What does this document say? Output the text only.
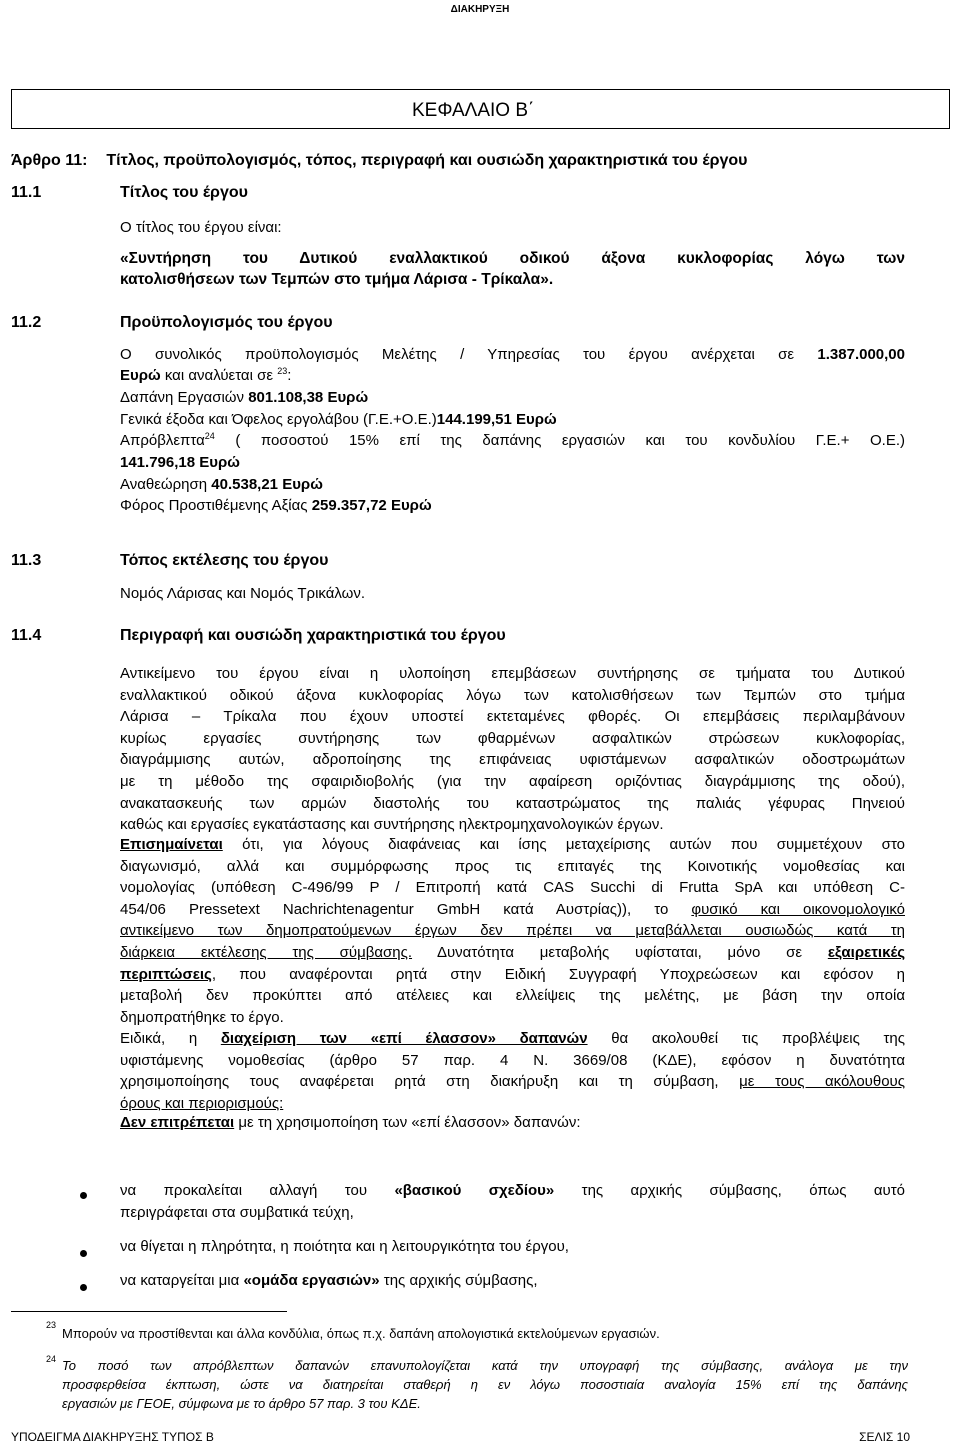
ΔΙΑΚΗΡΥΞΗ
ΚΕΦΑΛΑΙΟ Β΄
Άρθρο 11: Τίτλος, προϋπολογισμός, τόπος, περιγραφή και ουσιώδη χαρακτηριστικά του έργου
11.1	Τίτλος του έργου
Ο τίτλος του έργου είναι:
«Συντήρηση του Δυτικού εναλλακτικού οδικού άξονα κυκλοφορίας λόγω των
κατολισθήσεων των Τεμπών στο τμήμα Λάρισα - Τρίκαλα».
11.2	Προϋπολογισμός του έργου
Ο συνολικός προϋπολογισμός Μελέτης / Υπηρεσίας του έργου ανέρχεται σε 1.387.000,00
Ευρώ και αναλύεται σε $^{23}$:
Δαπάνη Εργασιών 801.108,38 Ευρώ
Γενικά έξοδα και Όφελος εργολάβου (Γ.Ε.+Ο.Ε.)144.199,51 Ευρώ
Απρόβλεπτα$^{24}$ ( ποσοστού 15% επί της δαπάνης εργασιών και του κονδυλίου Γ.Ε.+ Ο.Ε.)
141.796,18 Ευρώ
Αναθεώρηση 40.538,21 Ευρώ
Φόρος Προστιθέμενης Αξίας 259.357,72 Ευρώ
11.3	Τόπος εκτέλεσης του έργου
Νομός Λάρισας και Νομός Τρικάλων.
11.4	Περιγραφή και ουσιώδη χαρακτηριστικά του έργου
Αντικείμενο του έργου είναι η υλοποίηση επεμβάσεων συντήρησης σε τμήματα του Δυτικού
εναλλακτικού οδικού άξονα κυκλοφορίας λόγω των κατολισθήσεων των Τεμπών στο τμήμα
Λάρισα – Τρίκαλα που έχουν υποστεί εκτεταμένες φθορές. Οι επεμβάσεις περιλαμβάνουν
κυρίως εργασίες συντήρησης των φθαρμένων ασφαλτικών στρώσεων κυκλοφορίας,
διαγράμμισης αυτών, αδροποίησης της επιφάνειας υφιστάμενων ασφαλτικών οδοστρωμάτων
με τη μέθοδο της σφαιριδιοβολής (για την αφαίρεση οριζόντιας διαγράμμισης της οδού),
ανακατασκευής των αρμών διαστολής του καταστρώματος της παλιάς γέφυρας Πηνειού
καθώς και εργασίες εγκατάστασης και συντήρησης ηλεκτρομηχανολογικών έργων.
Επισημαίνεται ότι, για λόγους διαφάνειας και ίσης μεταχείρισης αυτών που συμμετέχουν στο
διαγωνισμό, αλλά και συμμόρφωσης προς τις επιταγές της Κοινοτικής νομοθεσίας και
νομολογίας (υπόθεση C-496/99 P / Επιτροπή κατά CAS Succhi di Frutta SpA και υπόθεση C-
454/06 Pressetext Nachrichtenagentur GmbH κατά Αυστρίας)), το φυσικό και οικονομολογικό
αντικείμενο των δημοπρατούμενων έργων δεν πρέπει να μεταβάλλεται ουσιωδώς κατά τη
διάρκεια εκτέλεσης της σύμβασης. Δυνατότητα μεταβολής υφίσταται, μόνο σε εξαιρετικές
περιπτώσεις, που αναφέρονται ρητά στην Ειδική Συγγραφή Υποχρεώσεων και εφόσον η
μεταβολή δεν προκύπτει από ατέλειες και ελλείψεις της μελέτης, με βάση την οποία
δημοπρατήθηκε το έργο.
Ειδικά, η διαχείριση των «επί έλασσον» δαπανών θα ακολουθεί τις προβλέψεις της
υφιστάμενης νομοθεσίας (άρθρο 57 παρ. 4 Ν. 3669/08 (ΚΔΕ), εφόσον η δυνατότητα
χρησιμοποίησης τους αναφέρεται ρητά στη διακήρυξη και τη σύμβαση, με τους ακόλουθους
όρους και περιορισμούς:
Δεν επιτρέπεται με τη χρησιμοποίηση των «επί έλασσον» δαπανών:
να προκαλείται αλλαγή του «βασικού σχεδίου» της αρχικής σύμβασης, όπως αυτό
περιγράφεται στα συμβατικά τεύχη,
να θίγεται η πληρότητα, η ποιότητα και η λειτουργικότητα του έργου,
να καταργείται μια «ομάδα εργασιών» της αρχικής σύμβασης,
23
Μπορούν να προστίθενται και άλλα κονδύλια, όπως π.χ. δαπάνη απολογιστικά εκτελούμενων εργασιών.
24 Το ποσό των απρόβλεπτων δαπανών επανυπολογίζεται κατά την υπογραφή της σύμβασης, ανάλογα με την
προσφερθείσα έκπτωση, ώστε να διατηρείται σταθερή η εν λόγω ποσοστιαία αναλογία 15% επί της δαπάνης
εργασιών με ΓΕΟΕ, σύμφωνα με το άρθρο 57 παρ. 3 του ΚΔΕ.
ΥΠΟΔΕΙΓΜΑ ΔΙΑΚΗΡΥΞΗΣ ΤΥΠΟΣ Β	ΣΕΛΙΣ 10
